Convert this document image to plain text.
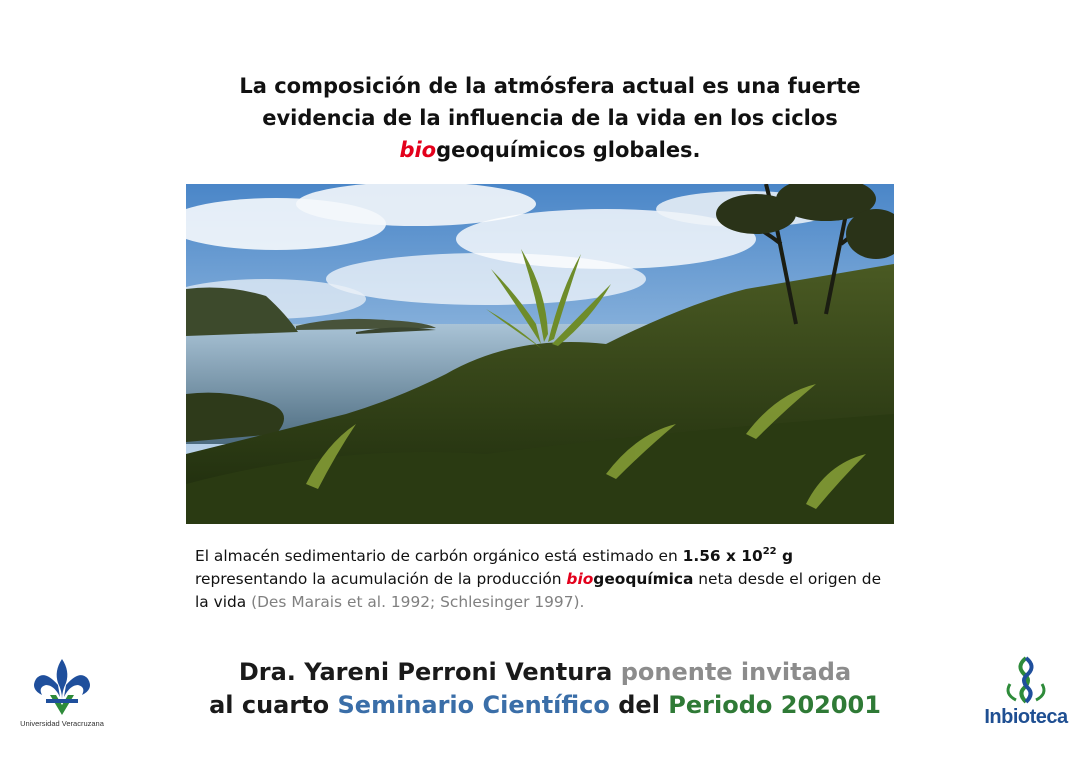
La composición de la atmósfera actual es una fuerte
evidencia de la influencia de la vida en los ciclos
biogeoquímicos globales.
El almacén sedimentario de carbón orgánico está estimado en 1.56 x $10^{22}$ g
representando la acumulación de la producción biogeoquímica neta desde el origen de
la vida (Des Marais et al. 1992; Schlesinger 1997).
Dra. Yareni Perroni Ventura ponente invitada
al cuarto Seminario Científico del Periodo 202001
Universidad Veracruzana	Inbioteca
